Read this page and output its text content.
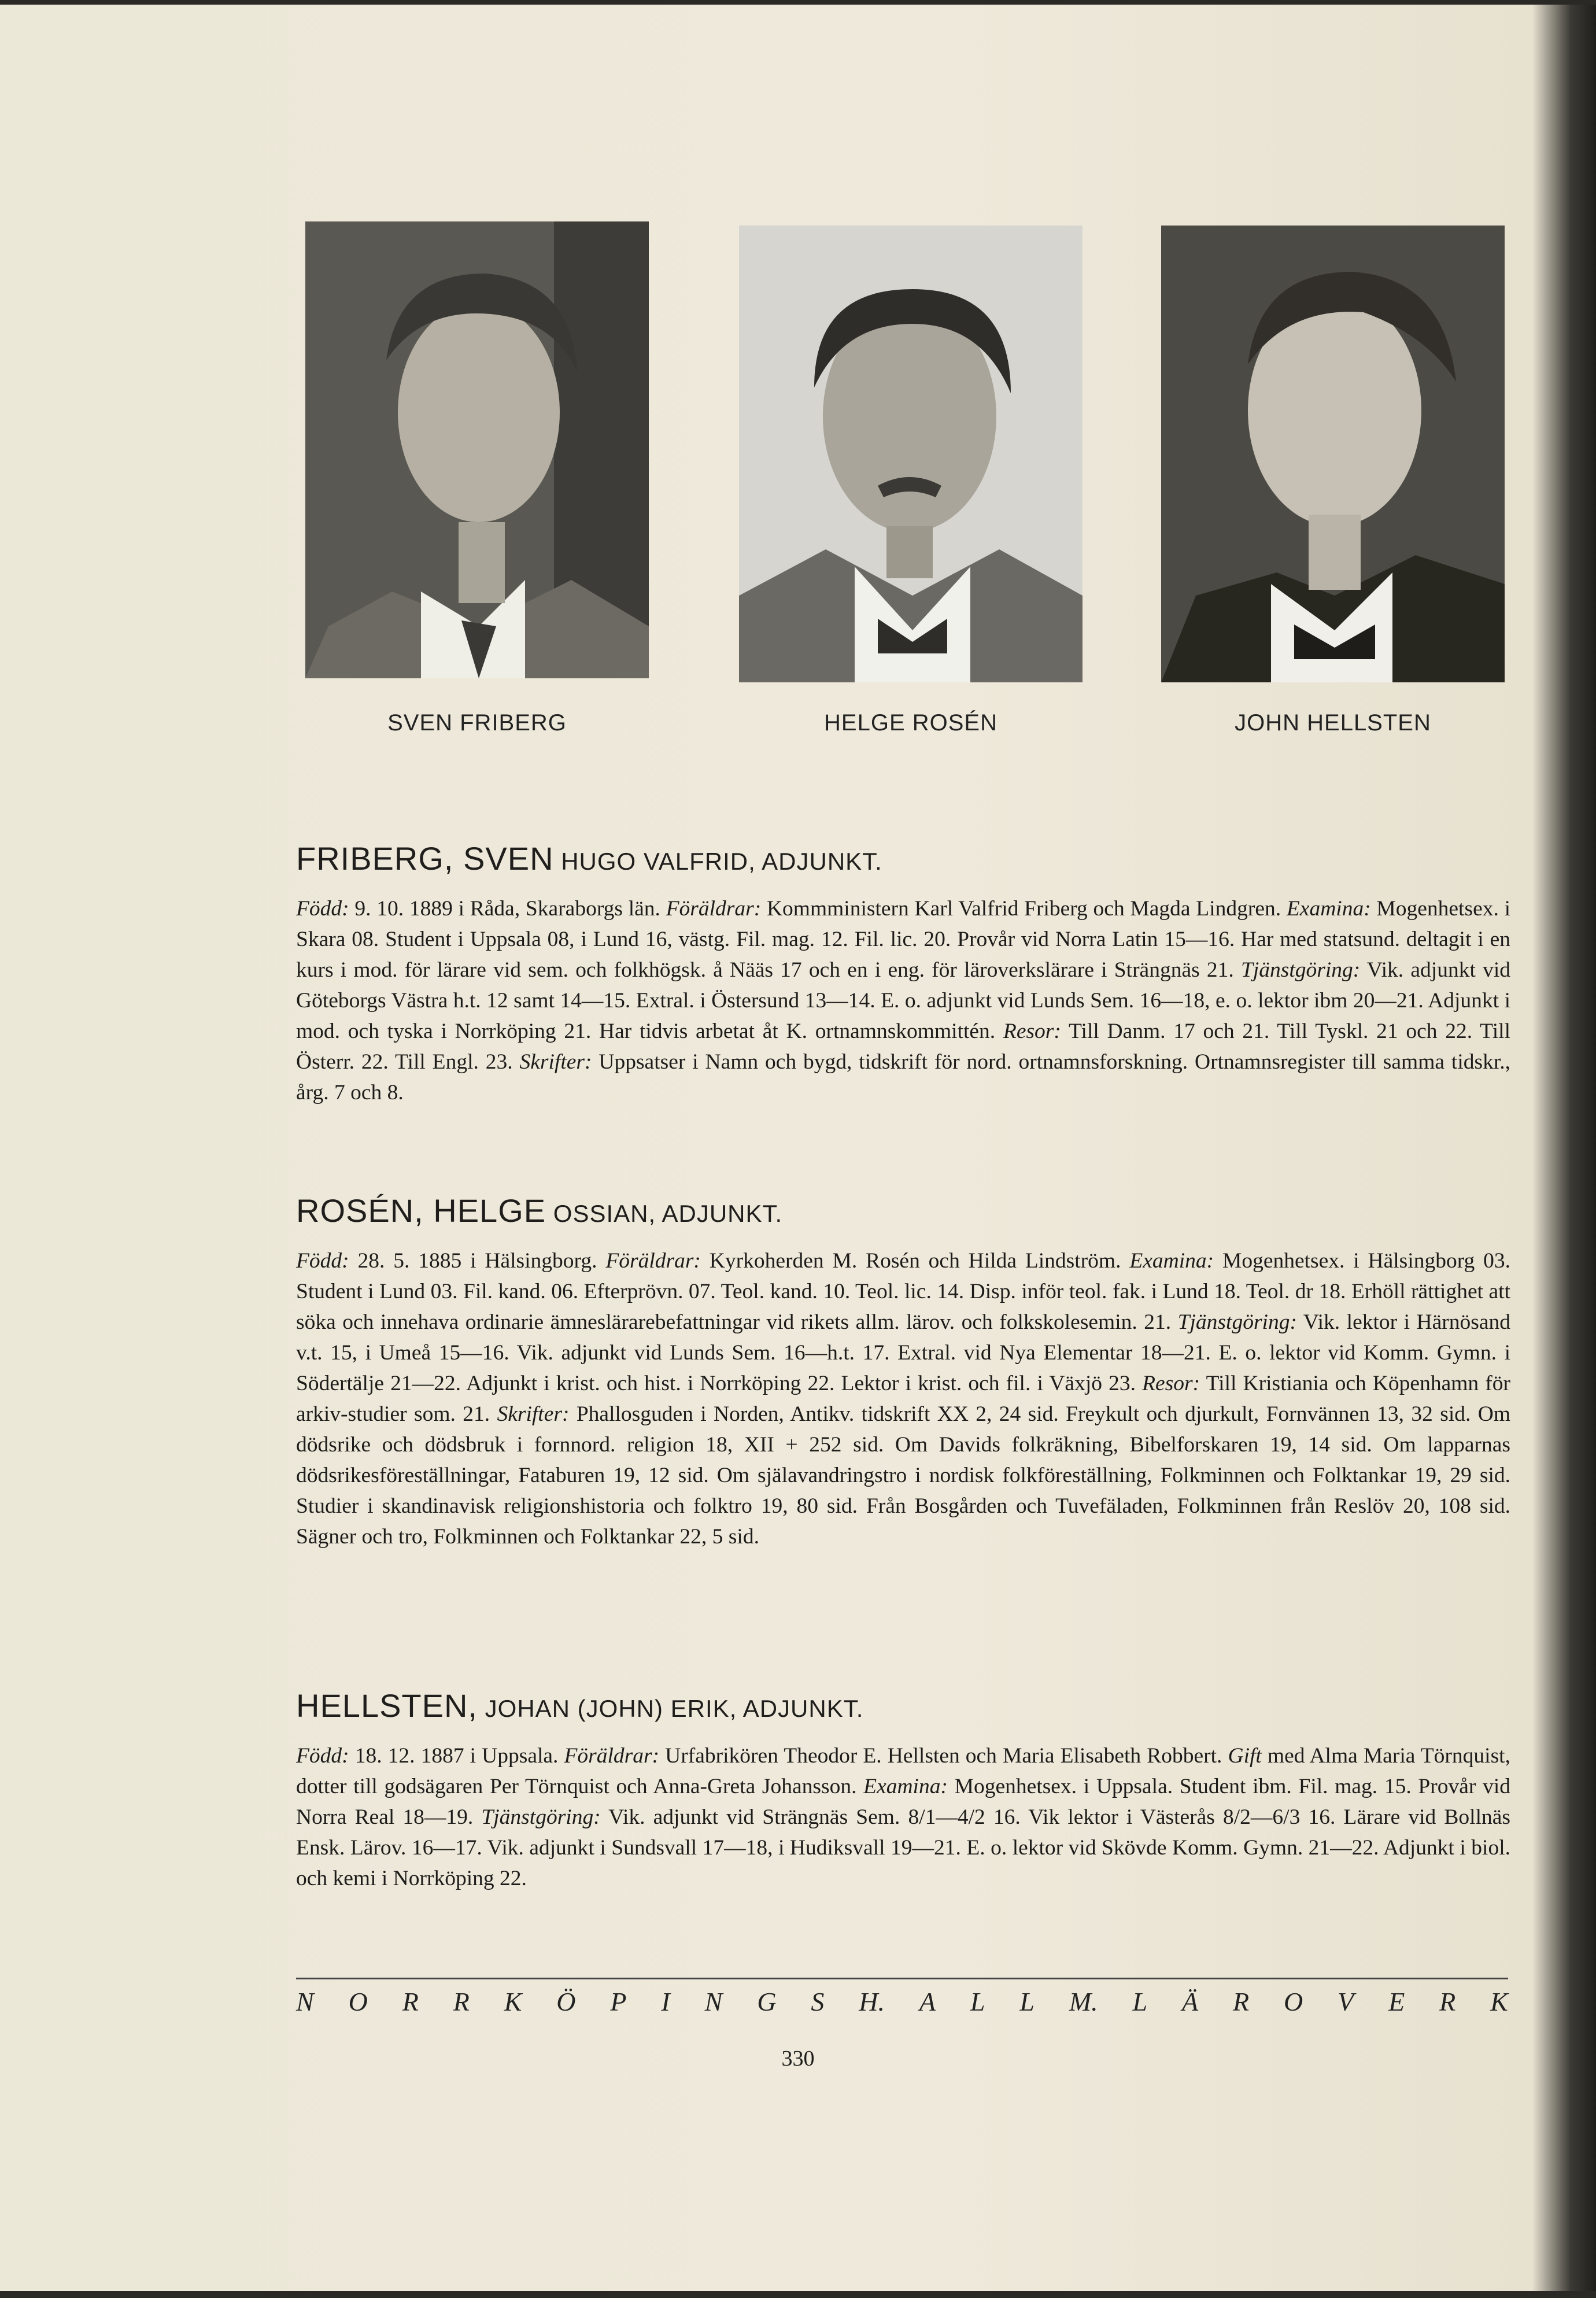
SVEN FRIBERG	HELGE ROSÉN	JOHN HELLSTEN
FRIBERG, SVEN HUGO VALFRID, ADJUNKT.

Född: 9. 10. 1889 i Råda, Skaraborgs län. Föräldrar: Kommministern Karl Valfrid Friberg och Magda Lindgren. Examina: Mogenhetsex. i Skara 08. Student i Uppsala 08, i Lund 16, västg. Fil. mag. 12. Fil. lic. 20. Provår vid Norra Latin 15—16. Har med statsund. deltagit i en kurs i mod. för lärare vid sem. och folkhögsk. å Nääs 17 och en i eng. för läroverkslärare i Strängnäs 21. Tjänstgöring: Vik. adjunkt vid Göteborgs Västra h.t. 12 samt 14—15. Extral. i Östersund 13—14. E. o. adjunkt vid Lunds Sem. 16—18, e. o. lektor ibm 20—21. Adjunkt i mod. och tyska i Norrköping 21. Har tidvis arbetat åt K. ortnamnskommittén. Resor: Till Danm. 17 och 21. Till Tyskl. 21 och 22. Till Österr. 22. Till Engl. 23. Skrifter: Uppsatser i Namn och bygd, tidskrift för nord. ortnamnsforskning. Ortnamnsregister till samma tidskr., årg. 7 och 8.

ROSÉN, HELGE OSSIAN, ADJUNKT.

Född: 28. 5. 1885 i Hälsingborg. Föräldrar: Kyrkoherden M. Rosén och Hilda Lindström. Examina: Mogenhetsex. i Hälsingborg 03. Student i Lund 03. Fil. kand. 06. Efterprövn. 07. Teol. kand. 10. Teol. lic. 14. Disp. inför teol. fak. i Lund 18. Teol. dr 18. Erhöll rättighet att söka och innehava ordinarie ämneslärarebefattningar vid rikets allm. lärov. och folkskolesemin. 21. Tjänstgöring: Vik. lektor i Härnösand v.t. 15, i Umeå 15—16. Vik. adjunkt vid Lunds Sem. 16—h.t. 17. Extral. vid Nya Elementar 18—21. E. o. lektor vid Komm. Gymn. i Södertälje 21—22. Adjunkt i krist. och hist. i Norrköping 22. Lektor i krist. och fil. i Växjö 23. Resor: Till Kristiania och Köpenhamn för arkiv-studier som. 21. Skrifter: Phallosguden i Norden, Antikv. tidskrift XX 2, 24 sid. Freykult och djurkult, Fornvännen 13, 32 sid. Om dödsrike och dödsbruk i fornnord. religion 18, XII + 252 sid. Om Davids folkräkning, Bibelforskaren 19, 14 sid. Om lapparnas dödsrikesföreställningar, Fataburen 19, 12 sid. Om själavandringstro i nordisk folkföreställning, Folkminnen och Folktankar 19, 29 sid. Studier i skandinavisk religionshistoria och folktro 19, 80 sid. Från Bosgården och Tuvefäladen, Folkminnen från Reslöv 20, 108 sid. Sägner och tro, Folkminnen och Folktankar 22, 5 sid.

HELLSTEN, JOHAN (JOHN) ERIK, ADJUNKT.

Född: 18. 12. 1887 i Uppsala. Föräldrar: Urfabrikören Theodor E. Hellsten och Maria Elisabeth Robbert. Gift med Alma Maria Törnquist, dotter till godsägaren Per Törnquist och Anna-Greta Johansson. Examina: Mogenhetsex. i Uppsala. Student ibm. Fil. mag. 15. Provår vid Norra Real 18—19. Tjänstgöring: Vik. adjunkt vid Strängnäs Sem. 8/1—4/2 16. Vik lektor i Västerås 8/2—6/3 16. Lärare vid Bollnäs Ensk. Lärov. 16—17. Vik. adjunkt i Sundsvall 17—18, i Hudiksvall 19—21. E. o. lektor vid Skövde Komm. Gymn. 21—22. Adjunkt i biol. och kemi i Norrköping 22.

N O R R K Ö P I N G S H. A L L M. L Ä R O V E R K
330
